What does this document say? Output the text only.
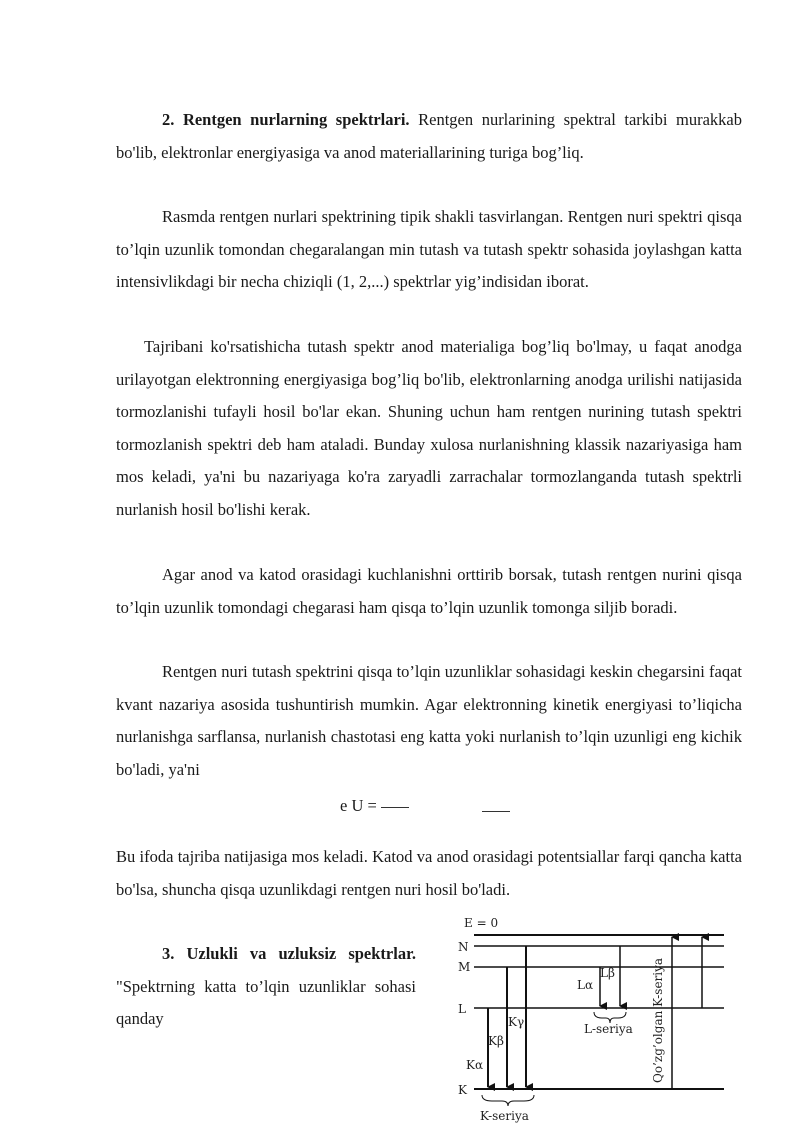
2. Rentgen nurlarning spektrlari. Rentgen nurlarining spektral tarkibi murakkab bo'lib, elektronlar energiyasiga va anod materiallarining turiga bog’liq.

Rasmda rentgen nurlari spektrining tipik shakli tasvirlangan. Rentgen nuri spektri qisqa to’lqin uzunlik tomondan chegaralangan min tutash va tutash spektr sohasida joylashgan katta intensivlikdagi bir necha chiziqli (1, 2,...) spektrlar yig’indisidan iborat.

Tajribani ko'rsatishicha tutash spektr anod materialiga bog’liq bo'lmay, u faqat anodga urilayotgan elektronning energiyasiga bog’liq bo'lib, elektronlarning anodga urilishi natijasida tormozlanishi tufayli hosil bo'lar ekan. Shuning uchun ham rentgen nurining tutash spektri tormozlanish spektri deb ham ataladi. Bunday xulosa nurlanishning klassik nazariyasiga ham mos keladi, ya'ni bu nazariyaga ko'ra zaryadli zarrachalar tormozlanganda tutash spektrli nurlanish hosil bo'lishi kerak.

Agar anod va katod orasidagi kuchlanishni orttirib borsak, tutash rentgen nurini qisqa to’lqin uzunlik tomondagi chegarasi ham qisqa to’lqin uzunlik tomonga siljib boradi.

Rentgen nuri tutash spektrini qisqa to’lqin uzunliklar sohasidagi keskin chegarsini faqat kvant nazariya asosida tushuntirish mumkin. Agar elektronning kinetik energiyasi to’liqicha nurlanishga sarflansa, nurlanish chastotasi eng katta yoki nurlanish to’lqin uzunligi eng kichik bo'ladi, ya'ni

e U =

Bu ifoda tajriba natijasiga mos keladi. Katod va anod orasidagi potentsiallar farqi qancha katta bo'lsa, shuncha qisqa uzunlikdagi rentgen nuri hosil bo'ladi.

3. Uzlukli va uzluksiz spektrlar. "Spektrning katta to’lqin uzunliklar sohasi qanday

E = 0
N
M
L
K
Kα
Kβ
Kγ
Lα
Lβ
L-seriya Qo’zg’olgan K-seriya
K-seriya
